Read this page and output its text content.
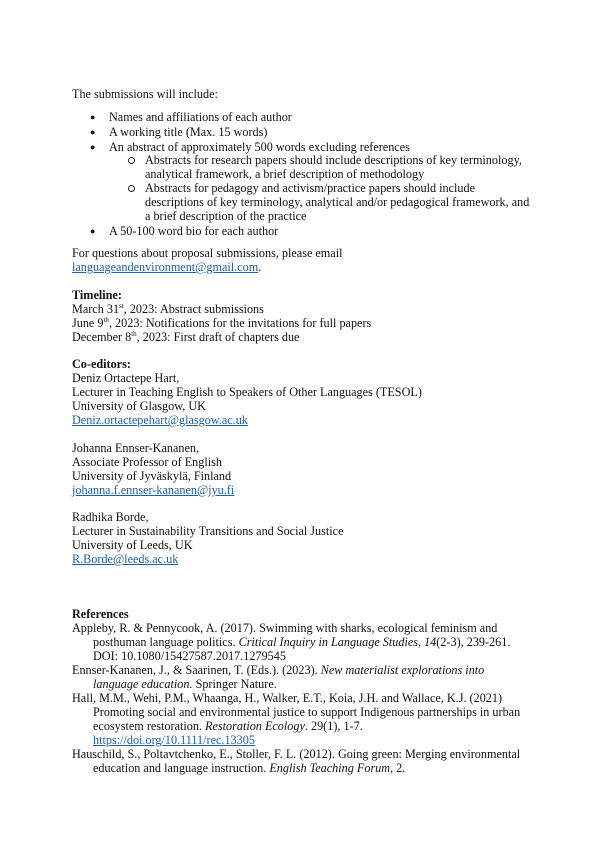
The submissions will include:
● Names and affiliations of each author
● A working title (Max. 15 words)
● An abstract of approximately 500 words excluding references
Abstracts for research papers should include descriptions of key terminology,
analytical framework, a brief description of methodology
Abstracts for pedagogy and activism/practice papers should include
descriptions of key terminology, analytical and/or pedagogical framework, and
a brief description of the practice
● A 50-100 word bio for each author
For questions about proposal submissions, please email
languageandenvironment@gmail.com.
Timeline:
March 31st, 2023: Abstract submissions
June 9th, 2023: Notifications for the invitations for full papers
December 8th, 2023: First draft of chapters due
Co-editors:
Deniz Ortactepe Hart,
Lecturer in Teaching English to Speakers of Other Languages (TESOL)
University of Glasgow, UK
Deniz.ortactepehart@glasgow.ac.uk
Johanna Ennser-Kananen,
Associate Professor of English
University of Jyväskylä, Finland
johanna.f.ennser-kananen@jyu.fi
Radhika Borde,
Lecturer in Sustainability Transitions and Social Justice
University of Leeds, UK
R.Borde@leeds.ac.uk
References
Appleby, R. & Pennycook, A. (2017). Swimming with sharks, ecological feminism and
posthuman language politics. Critical Inquiry in Language Studies, 14(2-3), 239-261.
DOI: 10.1080/15427587.2017.1279545
Ennser-Kananen, J., & Saarinen, T. (Eds.). (2023). New materialist explorations into
language education. Springer Nature.
Hall, M.M., Wehi, P.M., Whaanga, H., Walker, E.T., Koia, J.H. and Wallace, K.J. (2021)
Promoting social and environmental justice to support Indigenous partnerships in urban
ecosystem restoration. Restoration Ecology. 29(1), 1-7.
https://doi.org/10.1111/rec.13305
Hauschild, S., Poltavtchenko, E., Stoller, F. L. (2012). Going green: Merging environmental
education and language instruction. English Teaching Forum, 2.
